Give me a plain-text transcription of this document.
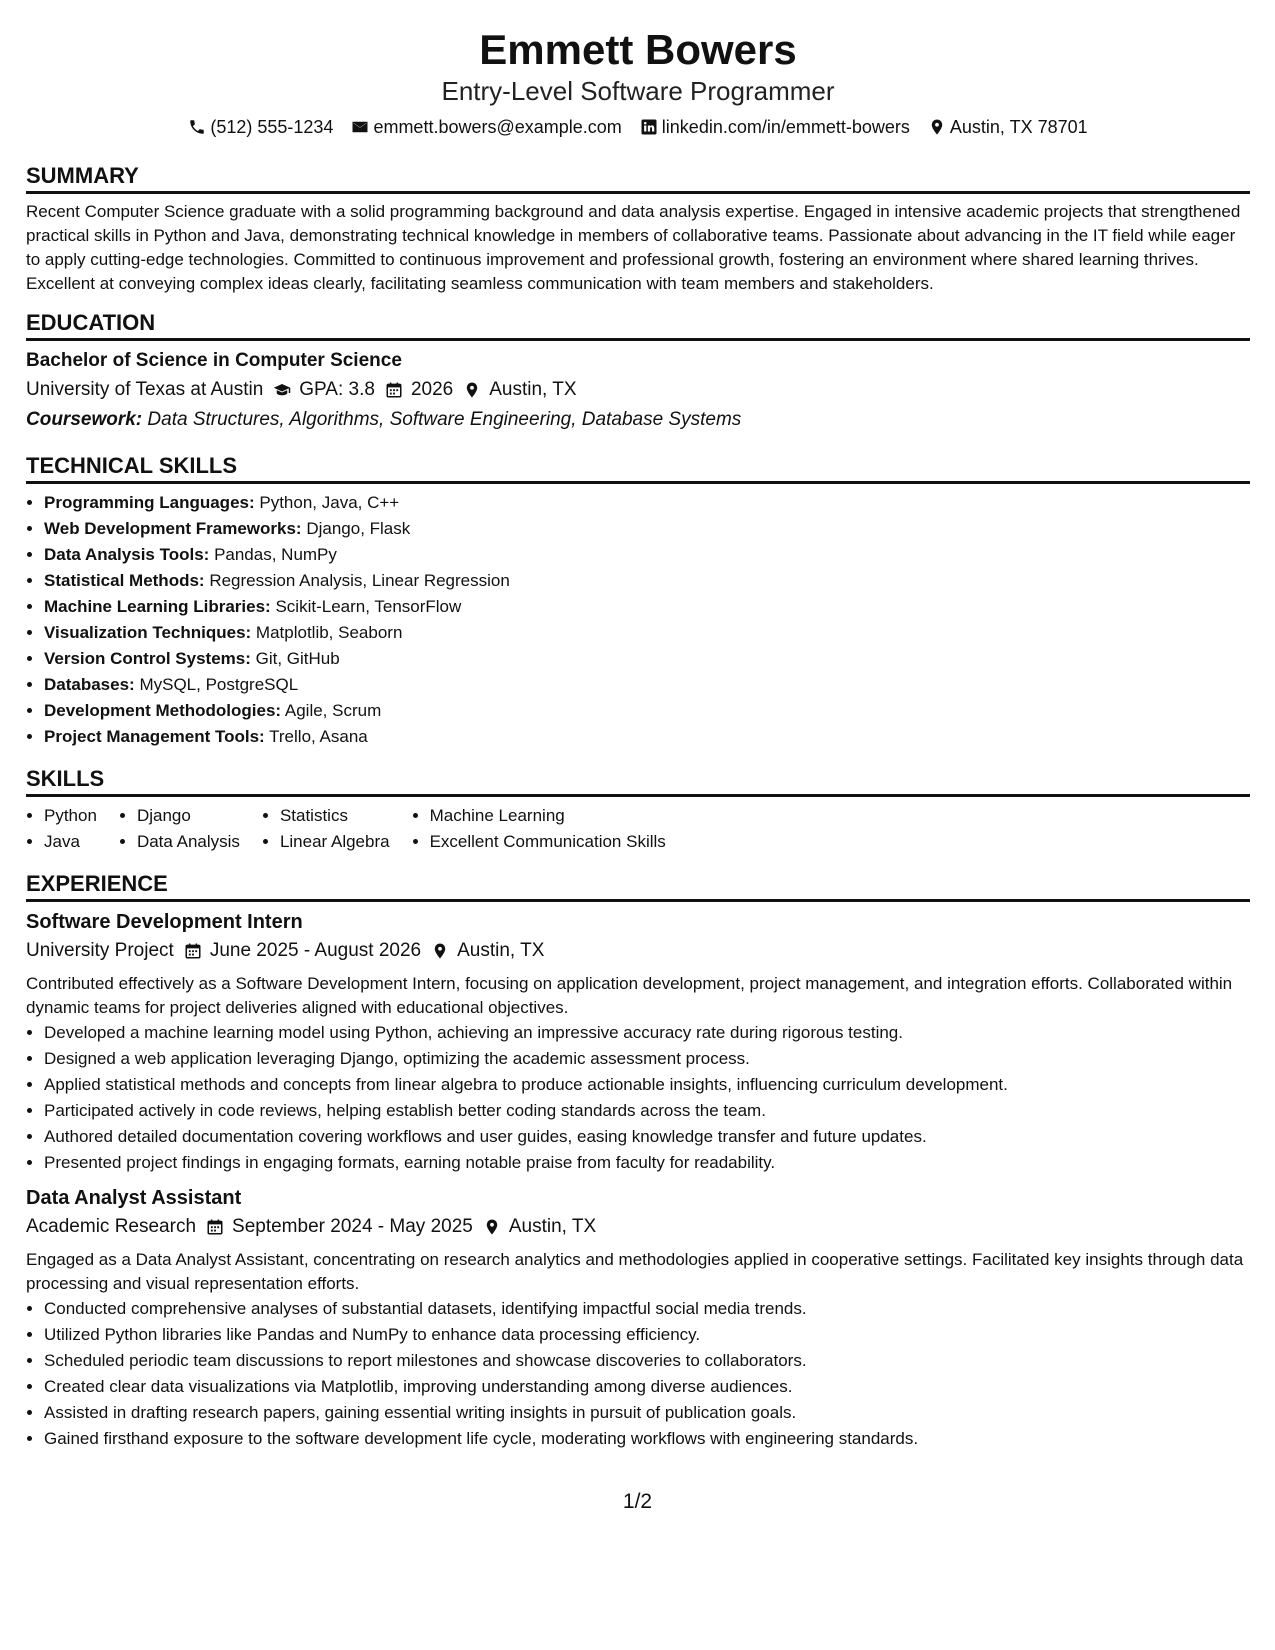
Emmett Bowers
Entry-Level Software Programmer
(512) 555-1234 emmett.bowers@example.com linkedin.com/in/emmett-bowers Austin, TX 78701
SUMMARY

Recent Computer Science graduate with a solid programming background and data analysis expertise. Engaged in intensive academic projects that strengthened practical skills in Python and Java, demonstrating technical knowledge in members of collaborative teams. Passionate about advancing in the IT field while eager to apply cutting-edge technologies. Committed to continuous improvement and professional growth, fostering an environment where shared learning thrives. Excellent at conveying complex ideas clearly, facilitating seamless communication with team members and stakeholders.

EDUCATION
Bachelor of Science in Computer Science
University of Texas at Austin GPA: 3.8 2026 Austin, TX
Coursework: Data Structures, Algorithms, Software Engineering, Database Systems
TECHNICAL SKILLS
• Programming Languages: Python, Java, C++
• Web Development Frameworks: Django, Flask
• Data Analysis Tools: Pandas, NumPy
• Statistical Methods: Regression Analysis, Linear Regression
• Machine Learning Libraries: Scikit-Learn, TensorFlow
• Visualization Techniques: Matplotlib, Seaborn
• Version Control Systems: Git, GitHub
• Databases: MySQL, PostgreSQL
• Development Methodologies: Agile, Scrum
• Project Management Tools: Trello, Asana
SKILLS
• Python
• Java
• Django
• Data Analysis
• Statistics
• Linear Algebra
• Machine Learning
• Excellent Communication Skills
EXPERIENCE
Software Development Intern
University Project June 2025 - August 2026 Austin, TX

Contributed effectively as a Software Development Intern, focusing on application development, project management, and integration efforts. Collaborated within dynamic teams for project deliveries aligned with educational objectives.

• Developed a machine learning model using Python, achieving an impressive accuracy rate during rigorous testing.
• Designed a web application leveraging Django, optimizing the academic assessment process.
• Applied statistical methods and concepts from linear algebra to produce actionable insights, influencing curriculum development.
• Participated actively in code reviews, helping establish better coding standards across the team.
• Authored detailed documentation covering workflows and user guides, easing knowledge transfer and future updates.
• Presented project findings in engaging formats, earning notable praise from faculty for readability.
Data Analyst Assistant
Academic Research September 2024 - May 2025 Austin, TX

Engaged as a Data Analyst Assistant, concentrating on research analytics and methodologies applied in cooperative settings. Facilitated key insights through data processing and visual representation efforts.

• Conducted comprehensive analyses of substantial datasets, identifying impactful social media trends.
• Utilized Python libraries like Pandas and NumPy to enhance data processing efficiency.
• Scheduled periodic team discussions to report milestones and showcase discoveries to collaborators.
• Created clear data visualizations via Matplotlib, improving understanding among diverse audiences.
• Assisted in drafting research papers, gaining essential writing insights in pursuit of publication goals.
• Gained firsthand exposure to the software development life cycle, moderating workflows with engineering standards.
1/2
